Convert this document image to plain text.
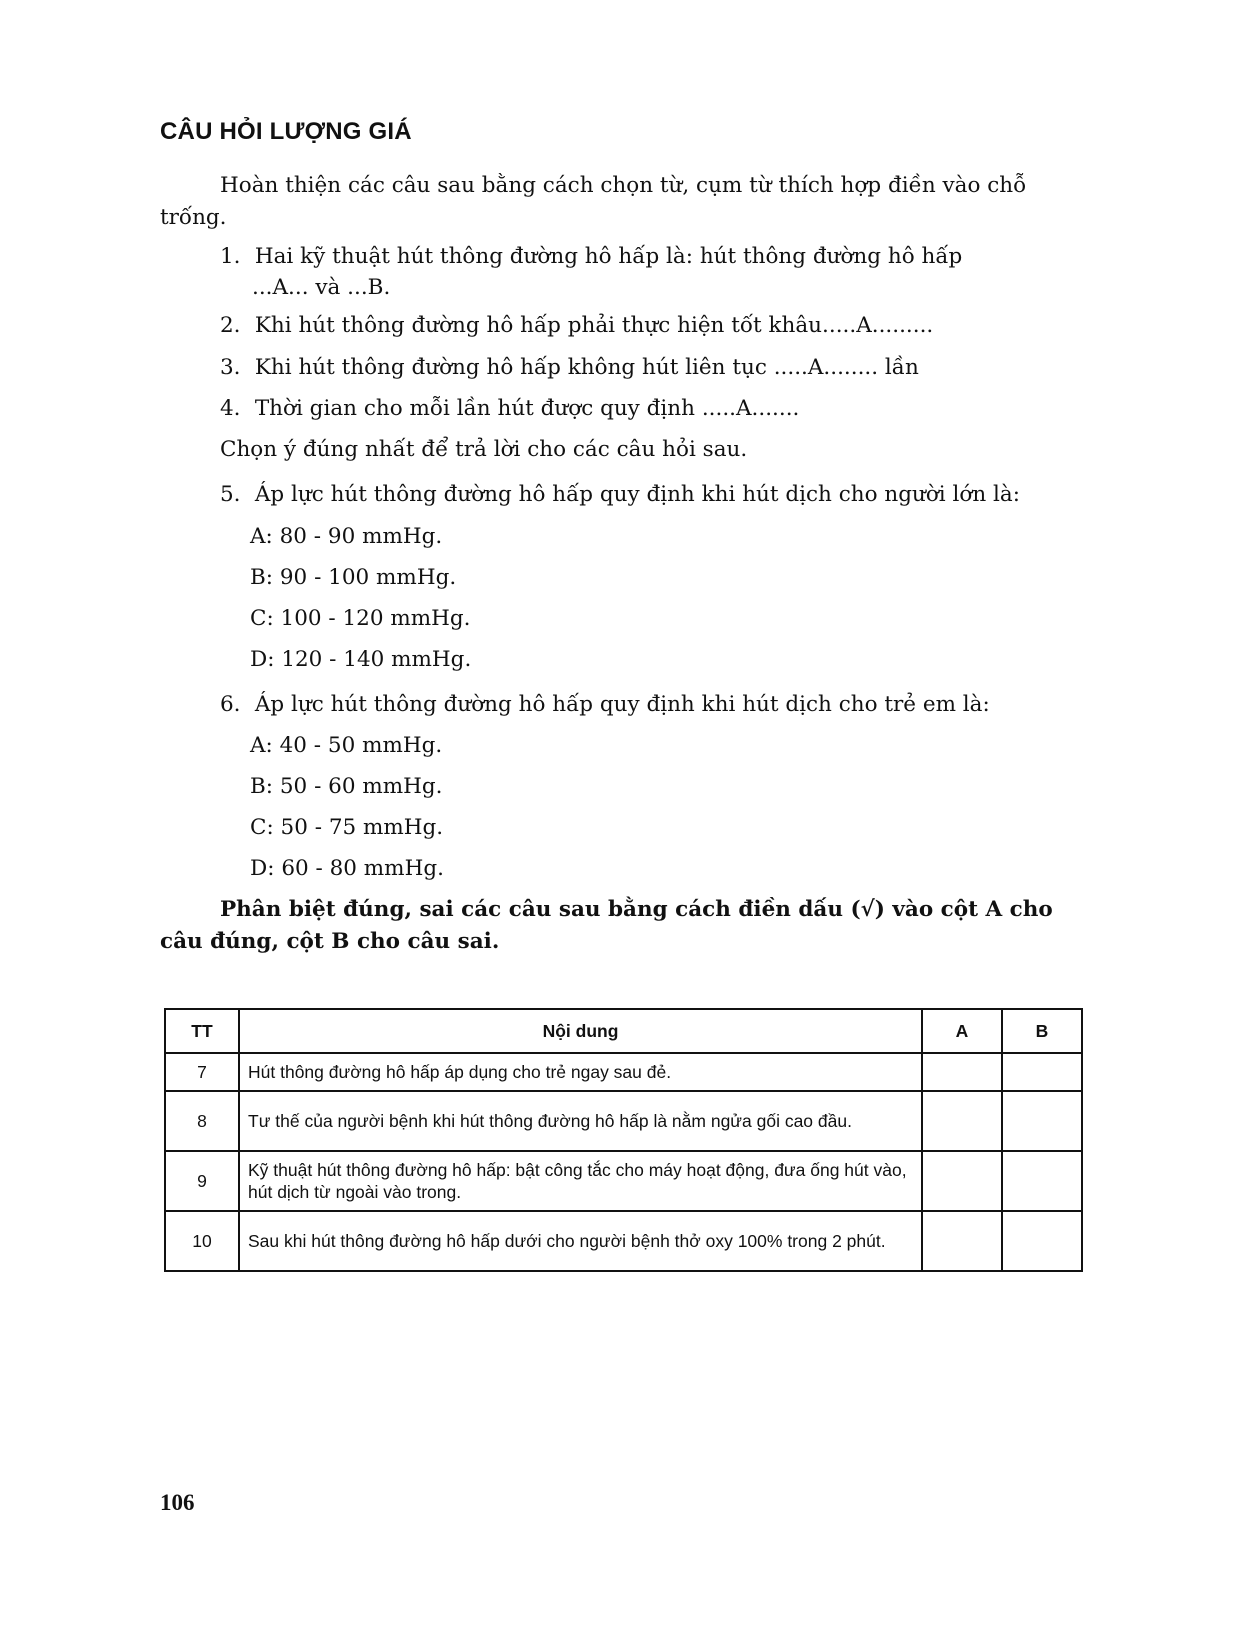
CÂU HỎI LƯỢNG GIÁ
Hoàn thiện các câu sau bằng cách chọn từ, cụm từ thích hợp điền vào chỗ trống.
1. Hai kỹ thuật hút thông đường hô hấp là: hút thông đường hô hấp
...A... và ...B.
2. Khi hút thông đường hô hấp phải thực hiện tốt khâu.....A.........
3. Khi hút thông đường hô hấp không hút liên tục .....A........ lần
4. Thời gian cho mỗi lần hút được quy định .....A.......
Chọn ý đúng nhất để trả lời cho các câu hỏi sau.
5. Áp lực hút thông đường hô hấp quy định khi hút dịch cho người lớn là:
A: 80 - 90 mmHg.
B: 90 - 100 mmHg.
C: 100 - 120 mmHg.
D: 120 - 140 mmHg.
6. Áp lực hút thông đường hô hấp quy định khi hút dịch cho trẻ em là:
A: 40 - 50 mmHg.
B: 50 - 60 mmHg.
C: 50 - 75 mmHg.
D: 60 - 80 mmHg.
Phân biệt đúng, sai các câu sau bằng cách điền dấu (√) vào cột A cho câu đúng, cột B cho câu sai.
TT	Nội dung	A	B
7	Hút thông đường hô hấp áp dụng cho trẻ ngay sau đẻ.		
8	Tư thế của người bệnh khi hút thông đường hô hấp là nằm ngửa gối cao đầu.		
9	Kỹ thuật hút thông đường hô hấp: bật công tắc cho máy hoạt động, đưa ống hút vào, hút dịch từ ngoài vào trong.		
10	Sau khi hút thông đường hô hấp dưới cho người bệnh thở oxy 100% trong 2 phút.		
106
